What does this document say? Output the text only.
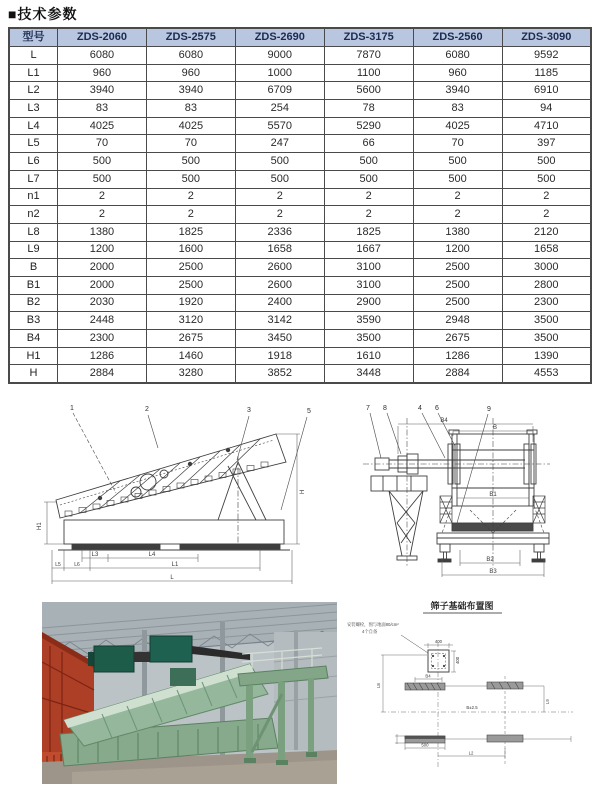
■技术参数
型号	ZDS-2060	ZDS-2575	ZDS-2690	ZDS-3175	ZDS-2560	ZDS-3090
L	6080	6080	9000	7870	6080	9592
L1	960	960	1000	1100	960	1185
L2	3940	3940	6709	5600	3940	6910
L3	83	83	254	78	83	94
L4	4025	4025	5570	5290	4025	4710
L5	70	70	247	66	70	397
L6	500	500	500	500	500	500
L7	500	500	500	500	500	500
n1	2	2	2	2	2	2
n2	2	2	2	2	2	2
L8	1380	1825	2336	1825	1380	2120
L9	1200	1600	1658	1667	1200	1658
B	2000	2500	2600	3100	2500	3000
B1	2000	2500	2600	3100	2500	2800
B2	2030	1920	2400	2900	2500	2300
B3	2448	3120	3142	3590	2948	3500
B4	2300	2675	3450	3500	2675	3500
H1	1286	1460	1918	1610	1286	1390
H	2884	3280	3852	3448	2884	4553
1	2	3	5
H1
H
L3	L4
L5	L6	L1
L
7 8	4 6	9
B4
B
B1
B2
B3
筛子基础布置图
安装螺栓，图与地面80/cm²
4个自备
400
400
L8
B4
B±2.5
L9
500
L2
